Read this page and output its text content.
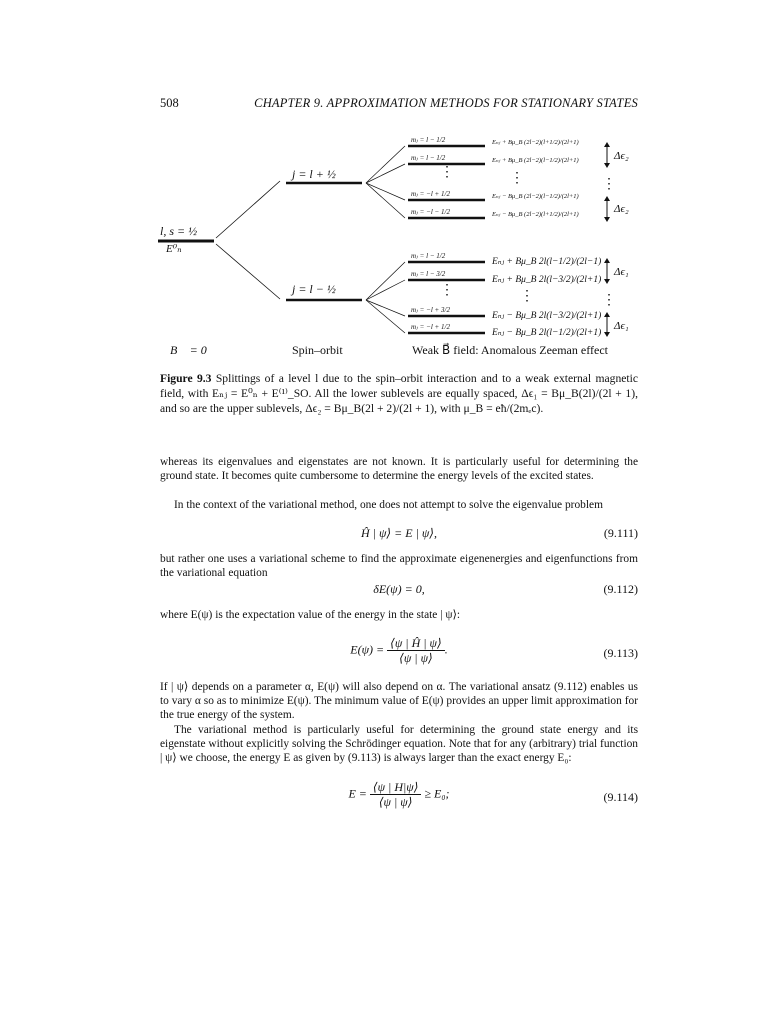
508	CHAPTER 9. APPROXIMATION METHODS FOR STATIONARY STATES
l, s = ½
E⁰ₙ
j = l + ½
j = l − ½
mⱼ = l − 1/2
mⱼ = l − 1/2
mⱼ = −l + 1/2
mⱼ = −l − 1/2
⋮
Eₙⱼ + Bμ_B (2l−2)(l+1/2)/(2l+1)
Eₙⱼ + Bμ_B (2l−2)(l−1/2)/(2l+1)
Eₙⱼ − Bμ_B (2l−2)(l−1/2)/(2l+1)
Eₙⱼ − Bμ_B (2l−2)(l+1/2)/(2l+1)
⋮
Δϵ₂
⋮
Δϵ₂
mⱼ = l − 1/2
mⱼ = l − 3/2
mⱼ = −l + 3/2
mⱼ = −l + 1/2
⋮
Eₙⱼ + Bμ_B 2l(l−1/2)/(2l−1)
Eₙⱼ + Bμ_B 2l(l−3/2)/(2l+1)
Eₙⱼ − Bμ_B 2l(l−3/2)/(2l+1)
Eₙⱼ − Bμ_B 2l(l−1/2)/(2l+1)
⋮
Δϵ₁
⋮
Δϵ₁
B⃗ = 0	Spin–orbit	Weak B⃗ field: Anomalous Zeeman effect
Figure 9.3 Splittings of a level l due to the spin–orbit interaction and to a weak external magnetic field, with Eₙⱼ = E⁰ₙ + E⁽¹⁾_SO. All the lower sublevels are equally spaced, Δϵ₁ = Bμ_B(2l)/(2l + 1), and so are the upper sublevels, Δϵ₂ = Bμ_B(2l + 2)/(2l + 1), with μ_B = eħ/(2mₑc).
whereas its eigenvalues and eigenstates are not known. It is particularly useful for determining the ground state. It becomes quite cumbersome to determine the energy levels of the excited states.
In the context of the variational method, one does not attempt to solve the eigenvalue problem
Ĥ | ψ⟩ = E | ψ⟩,	(9.111)
but rather one uses a variational scheme to find the approximate eigenenergies and eigenfunctions from the variational equation
δE(ψ) = 0,	(9.112)
where E(ψ) is the expectation value of the energy in the state | ψ⟩:
$E(\psi) = \frac{⟨\psi | Ĥ | \psi⟩}{⟨\psi | \psi⟩}$ .	(9.113)
If | ψ⟩ depends on a parameter α, E(ψ) will also depend on α. The variational ansatz (9.112) enables us to vary α so as to minimize E(ψ). The minimum value of E(ψ) provides an upper limit approximation for the true energy of the system.
The variational method is particularly useful for determining the ground state energy and its eigenstate without explicitly solving the Schrödinger equation. Note that for any (arbitrary) trial function | ψ⟩ we choose, the energy E as given by (9.113) is always larger than the exact energy E₀:
$E = \frac{⟨\psi | H|\psi⟩}{⟨\psi | \psi⟩} \ge E_0$;	(9.114)
